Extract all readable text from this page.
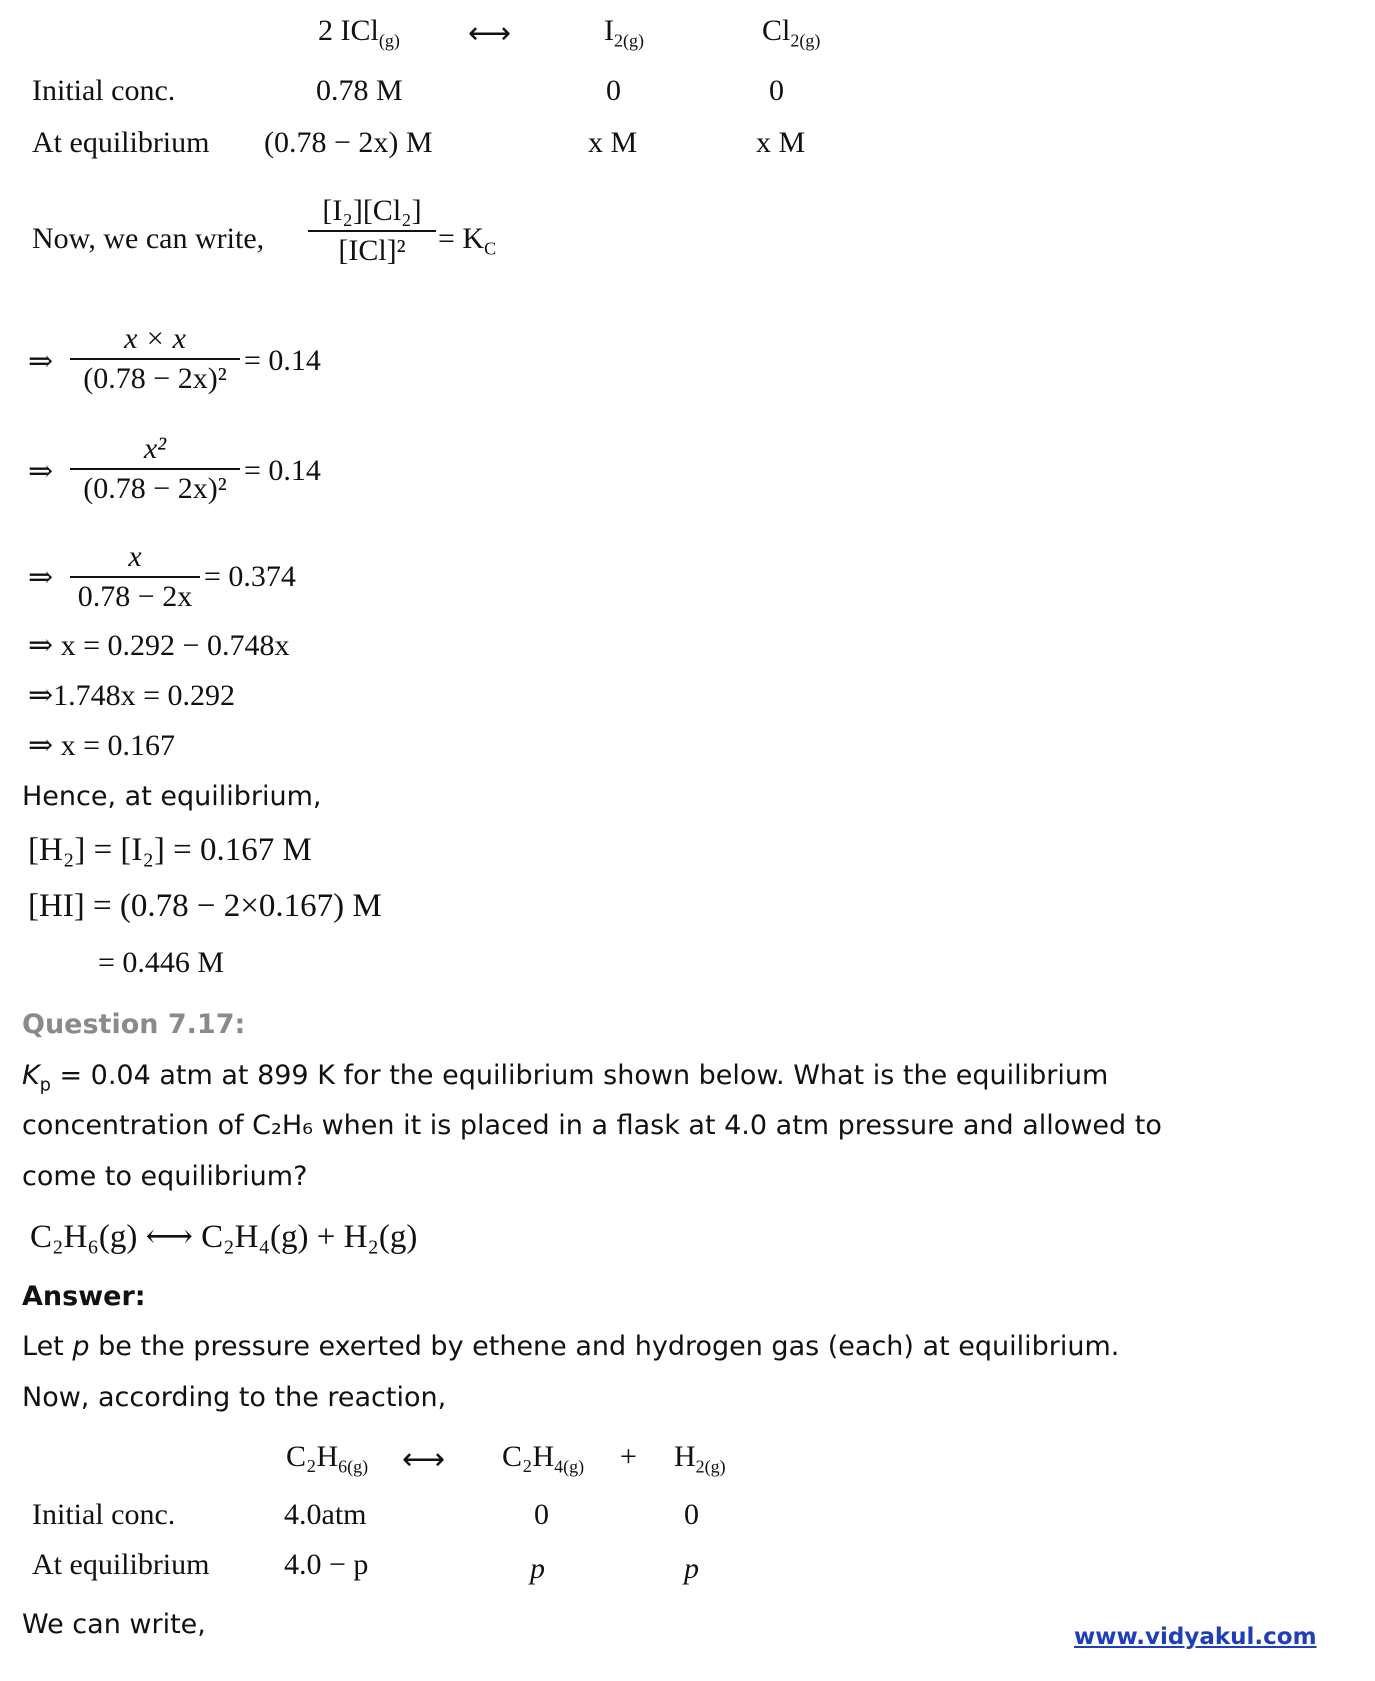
2 ICl$_{(g)}$ ⟷	$I_{2(g)}$	$Cl_{2(g)}$
Initial conc.	0.78 M	0	0
At equilibrium (0.78 − 2x) M	x M	x M
Now, we can write,
[I₂][Cl₂]
[ICl]²	= $K_C$
⇒
x × x
(0.78 − 2x)²
= 0.14
⇒
x²
(0.78 − 2x)²
= 0.14
⇒
x
0.78 − 2x
= 0.374
⇒ x = 0.292 − 0.748x
⇒1.748x = 0.292
⇒ x = 0.167
Hence, at equilibrium,
[H₂] = [I₂] = 0.167 M
[HI] = (0.78 − 2×0.167) M
= 0.446 M
Question 7.17:
$K_p = 0.04$ atm at 899 K for the equilibrium shown below. What is the equilibrium
concentration of C₂H₆ when it is placed in a flask at 4.0 atm pressure and allowed to
come to equilibrium?
C₂H₆(g) ⟷ C₂H₄(g) + H₂(g)
Answer:
Let p be the pressure exerted by ethene and hydrogen gas (each) at equilibrium.
Now, according to the reaction,
$C_2H_{6(g)}$ ⟷ $C_2H_{4(g)} + H_{2(g)}$
Initial conc.	4.0atm	0	0
At equilibrium 4.0 − p	p	p
We can write,	www.vidyakul.com
